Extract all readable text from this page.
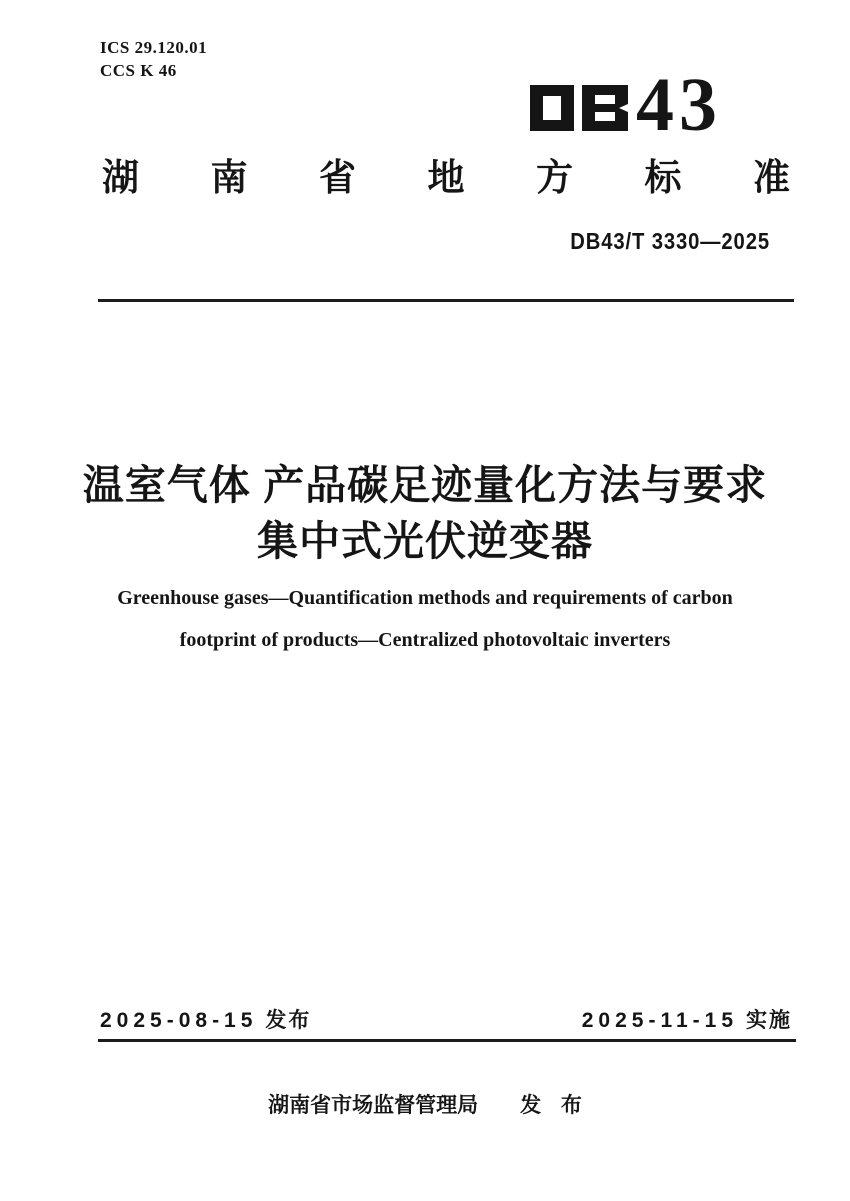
ICS 29.120.01
CCS K 46	43
湖 南 省 地 方 标 准
DB43/T 3330—2025
温室气体 产品碳足迹量化方法与要求
集中式光伏逆变器
Greenhouse gases—Quantification methods and requirements of carbon
footprint of products—Centralized photovoltaic inverters
2025-08-15 发布	2025-11-15 实施
湖南省市场监督管理局 发 布
